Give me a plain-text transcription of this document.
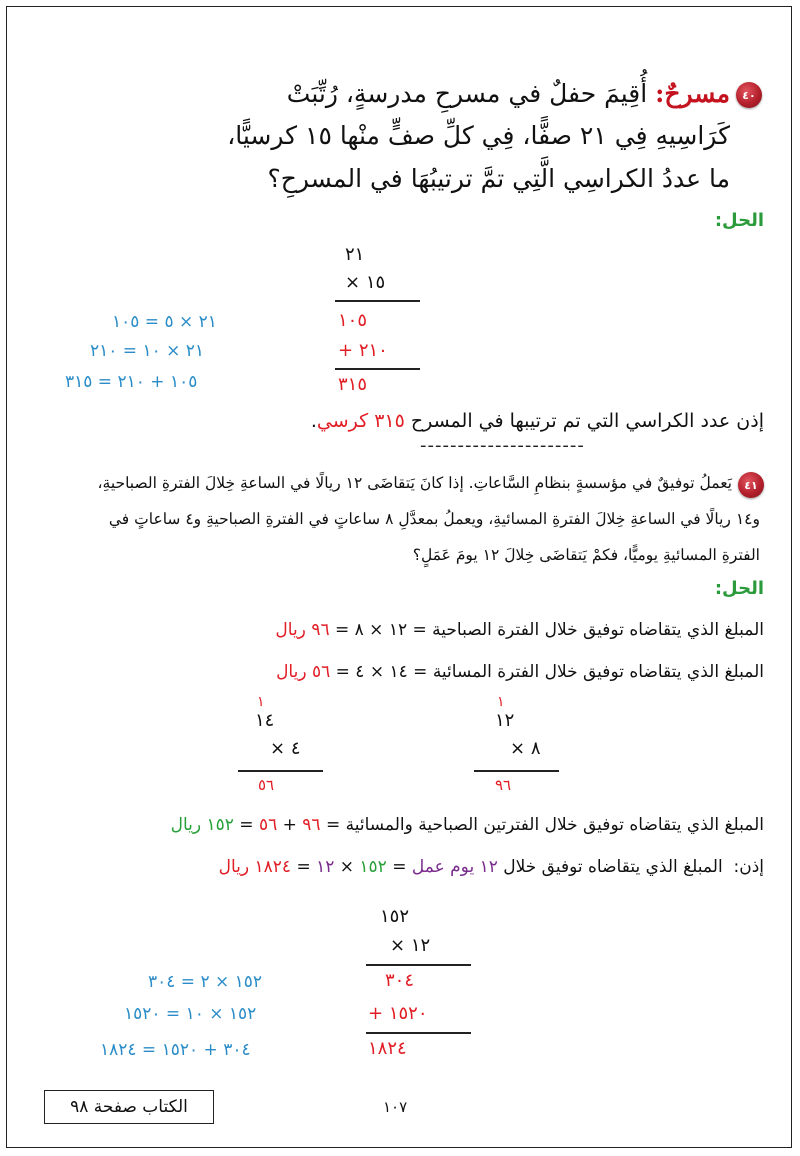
٤٠
مسرحٌ: أُقِيمَ حفلٌ في مسرحِ مدرسةٍ، رُتِّبَتْ
كَرَاسِيهِ فِي ٢١ صفًّا، فِي كلِّ صفٍّ منْها ١٥ كرسيًّا،
ما عددُ الكراسِي الَّتِي تمَّ ترتيبُهَا في المسرحِ؟
الحل:
٢١
× ١٥
١٠٥
+ ٢١٠
٣١٥
٢١ × ٥ = ١٠٥
٢١ × ١٠ = ٢١٠
١٠٥ + ٢١٠ = ٣١٥
إذن عدد الكراسي التي تم ترتيبها في المسرح ٣١٥ كرسي.
----------------------
٤١
يَعملُ توفيقٌ في مؤسسةٍ بنظامِ السَّاعاتِ. إذا كانَ يَتقاضَى ١٢ ريالًا في الساعةِ خِلالَ الفترةِ الصباحيةِ،
و١٤ ريالًا في الساعةِ خِلالَ الفترةِ المسائيةِ، ويعملُ بمعدَّلِ ٨ ساعاتٍ في الفترةِ الصباحيةِ و٤ ساعاتٍ في
الفترةِ المسائيةِ يوميًّا، فكمْ يَتقاضَى خِلالَ ١٢ يومَ عَمَلٍ؟
الحل:
المبلغ الذي يتقاضاه توفيق خلال الفترة الصباحية = ١٢ × ٨ = ٩٦ ريال
المبلغ الذي يتقاضاه توفيق خلال الفترة المسائية = ١٤ × ٤ = ٥٦ ريال
١
١٤
× ٤
٥٦
١
١٢
× ٨
٩٦
المبلغ الذي يتقاضاه توفيق خلال الفترتين الصباحية والمسائية = ٩٦ + ٥٦ = ١٥٢ ريال
إذن:  المبلغ الذي يتقاضاه توفيق خلال ١٢ يوم عمل = ١٥٢ × ١٢ = ١٨٢٤ ريال
١٥٢
× ١٢
٣٠٤
+ ١٥٢٠
١٨٢٤
١٥٢ × ٢ = ٣٠٤
١٥٢ × ١٠ = ١٥٢٠
٣٠٤ + ١٥٢٠ = ١٨٢٤
١٠٧
الكتاب صفحة ٩٨
